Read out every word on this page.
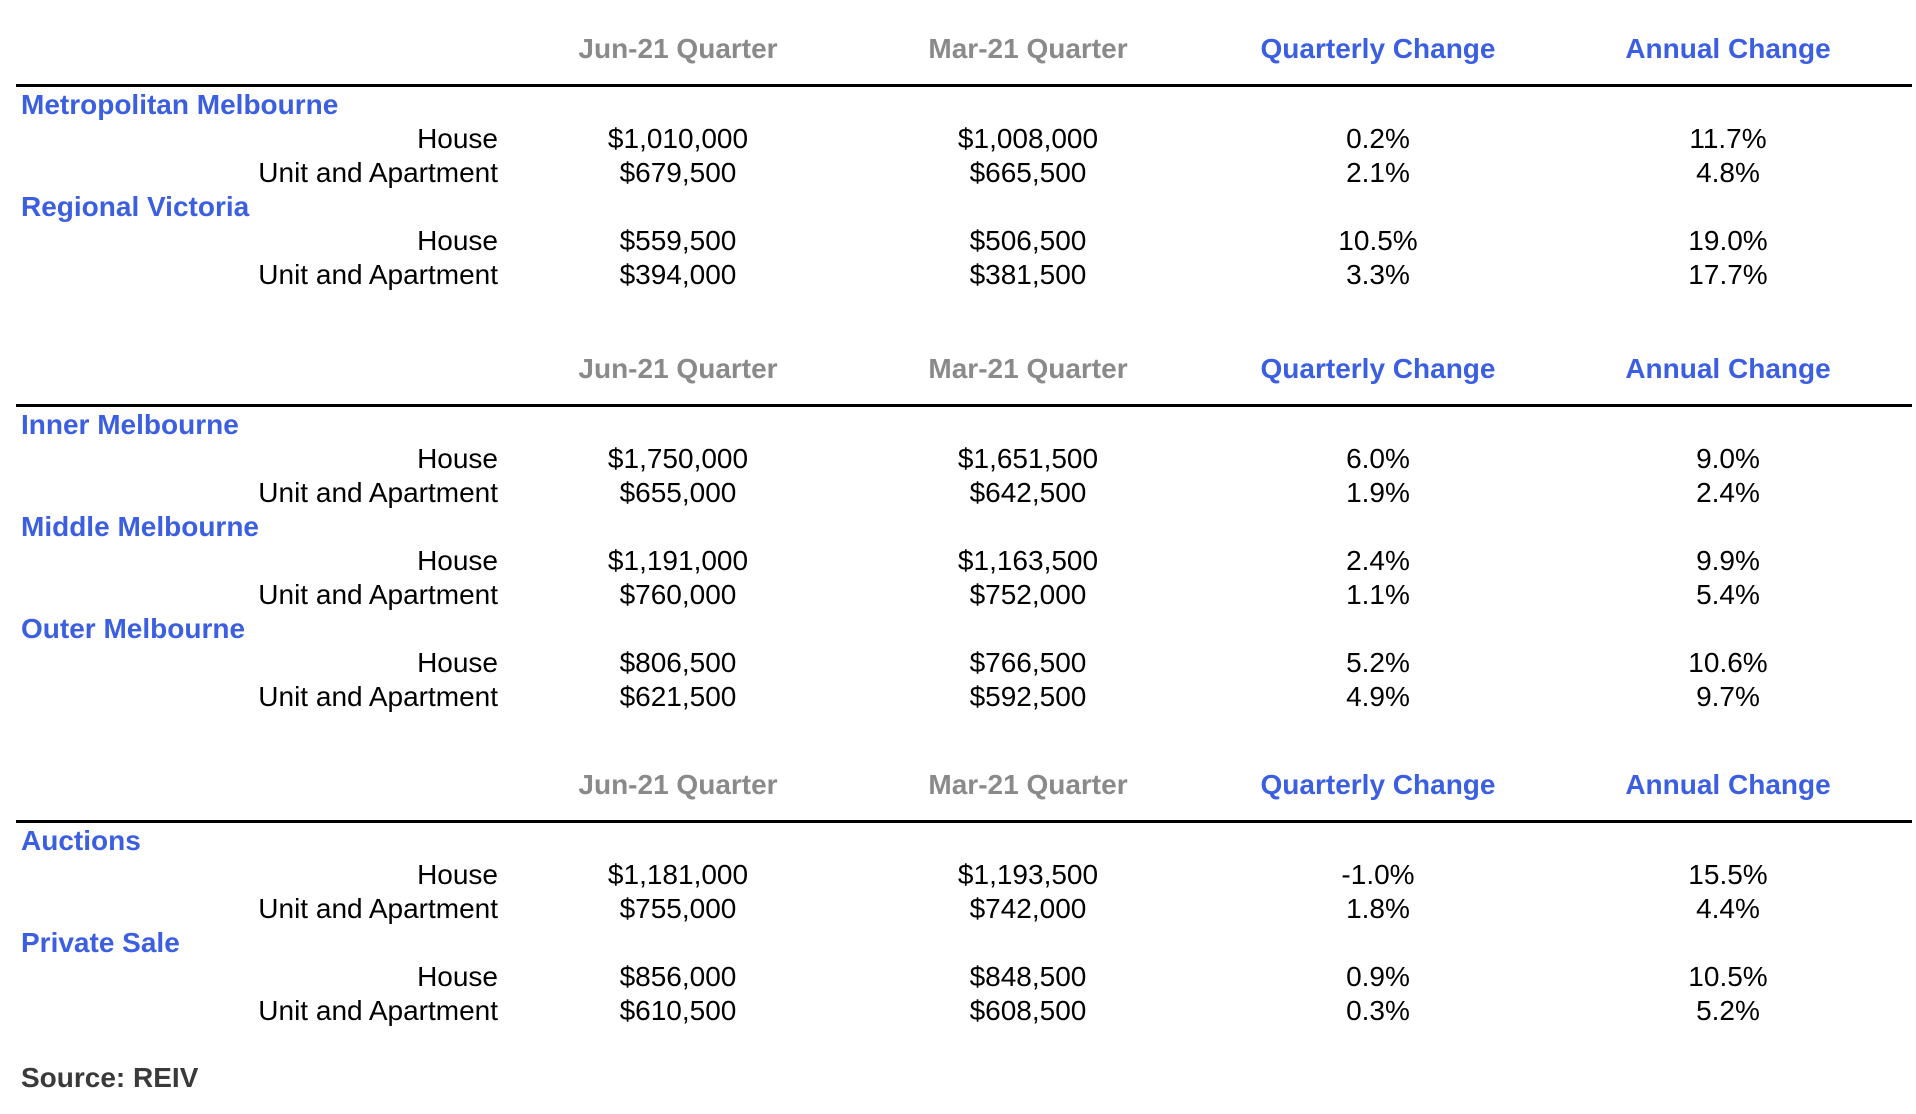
Jun-21 Quarter	Mar-21 Quarter	Quarterly Change	Annual Change
Metropolitan Melbourne
House	$1,010,000	$1,008,000	0.2%	11.7%
Unit and Apartment	$679,500	$665,500	2.1%	4.8%
Regional Victoria
House	$559,500	$506,500	10.5%	19.0%
Unit and Apartment	$394,000	$381,500	3.3%	17.7%
Jun-21 Quarter	Mar-21 Quarter	Quarterly Change	Annual Change
Inner Melbourne
House	$1,750,000	$1,651,500	6.0%	9.0%
Unit and Apartment	$655,000	$642,500	1.9%	2.4%
Middle Melbourne
House	$1,191,000	$1,163,500	2.4%	9.9%
Unit and Apartment	$760,000	$752,000	1.1%	5.4%
Outer Melbourne
House	$806,500	$766,500	5.2%	10.6%
Unit and Apartment	$621,500	$592,500	4.9%	9.7%
Jun-21 Quarter	Mar-21 Quarter	Quarterly Change	Annual Change
Auctions
House	$1,181,000	$1,193,500	-1.0%	15.5%
Unit and Apartment	$755,000	$742,000	1.8%	4.4%
Private Sale
House	$856,000	$848,500	0.9%	10.5%
Unit and Apartment	$610,500	$608,500	0.3%	5.2%
Source: REIV
